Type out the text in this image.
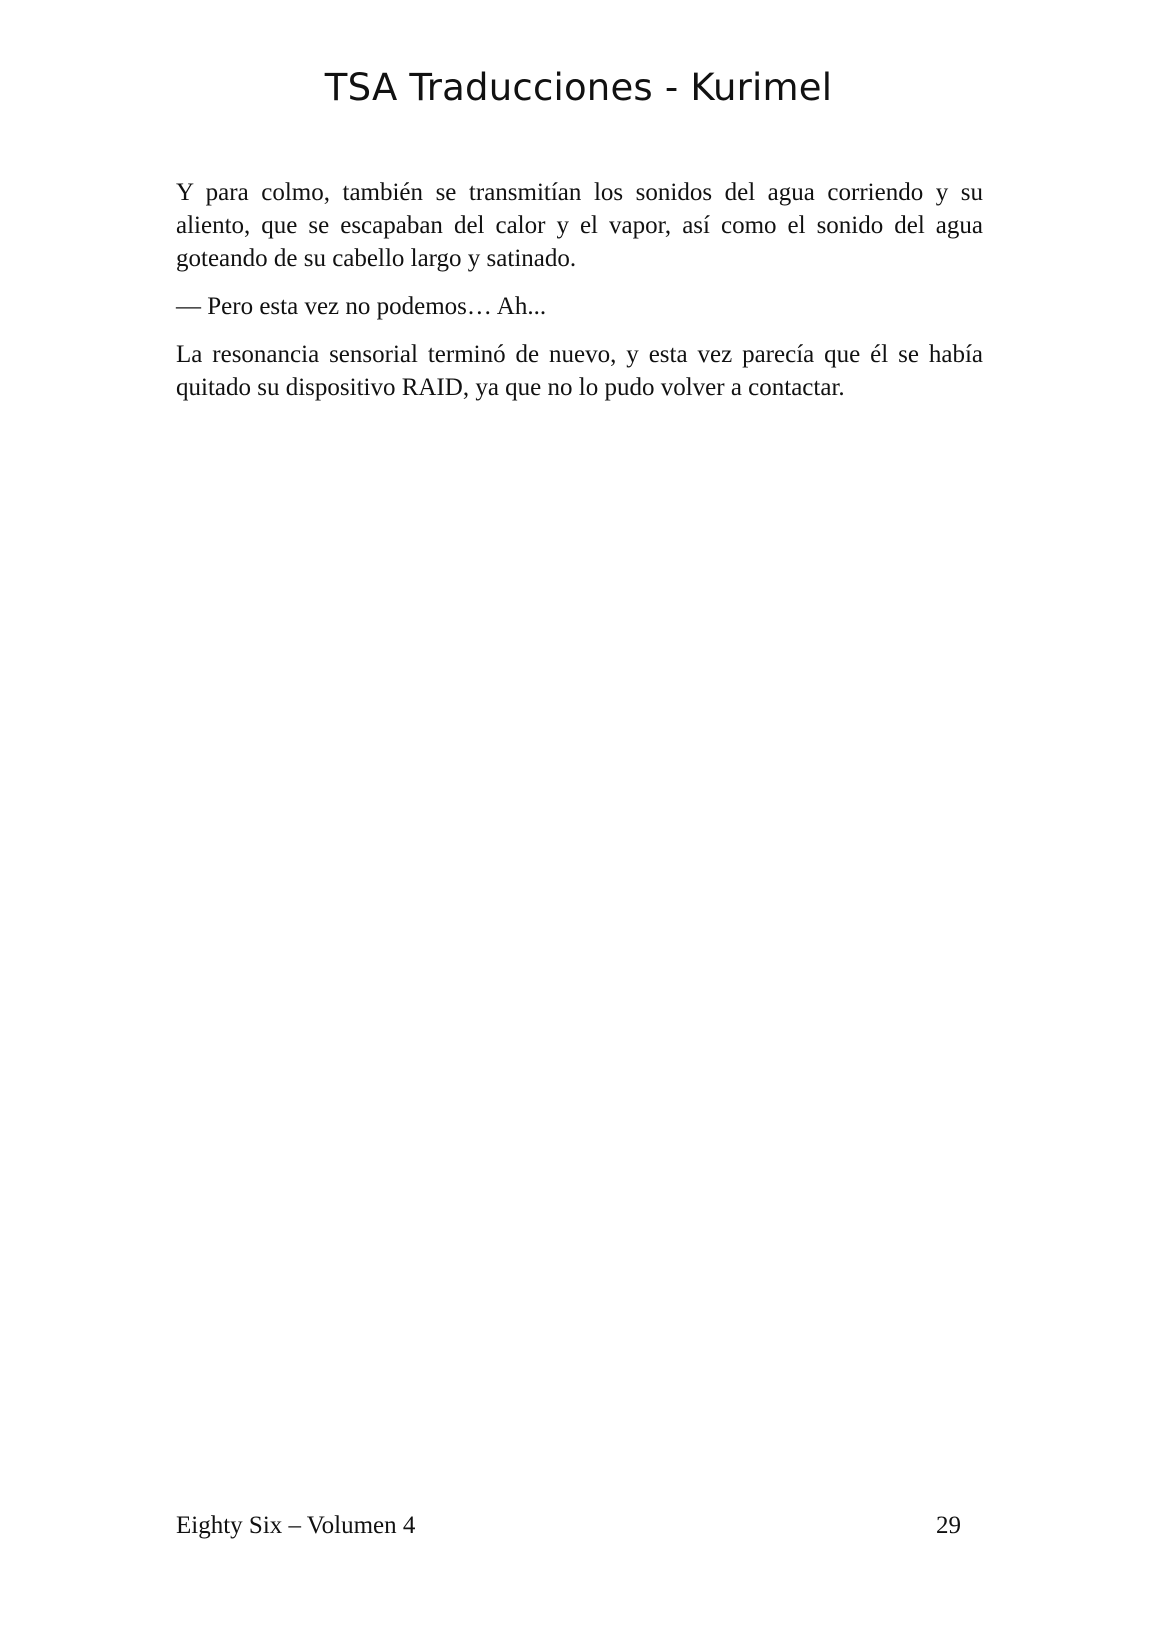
TSA Traducciones - Kurimel

Y para colmo, también se transmitían los sonidos del agua corriendo y su aliento, que se escapaban del calor y el vapor, así como el sonido del agua goteando de su cabello largo y satinado.

— Pero esta vez no podemos… Ah...

La resonancia sensorial terminó de nuevo, y esta vez parecía que él se había quitado su dispositivo RAID, ya que no lo pudo volver a contactar.

Eighty Six – Volumen 4	29
